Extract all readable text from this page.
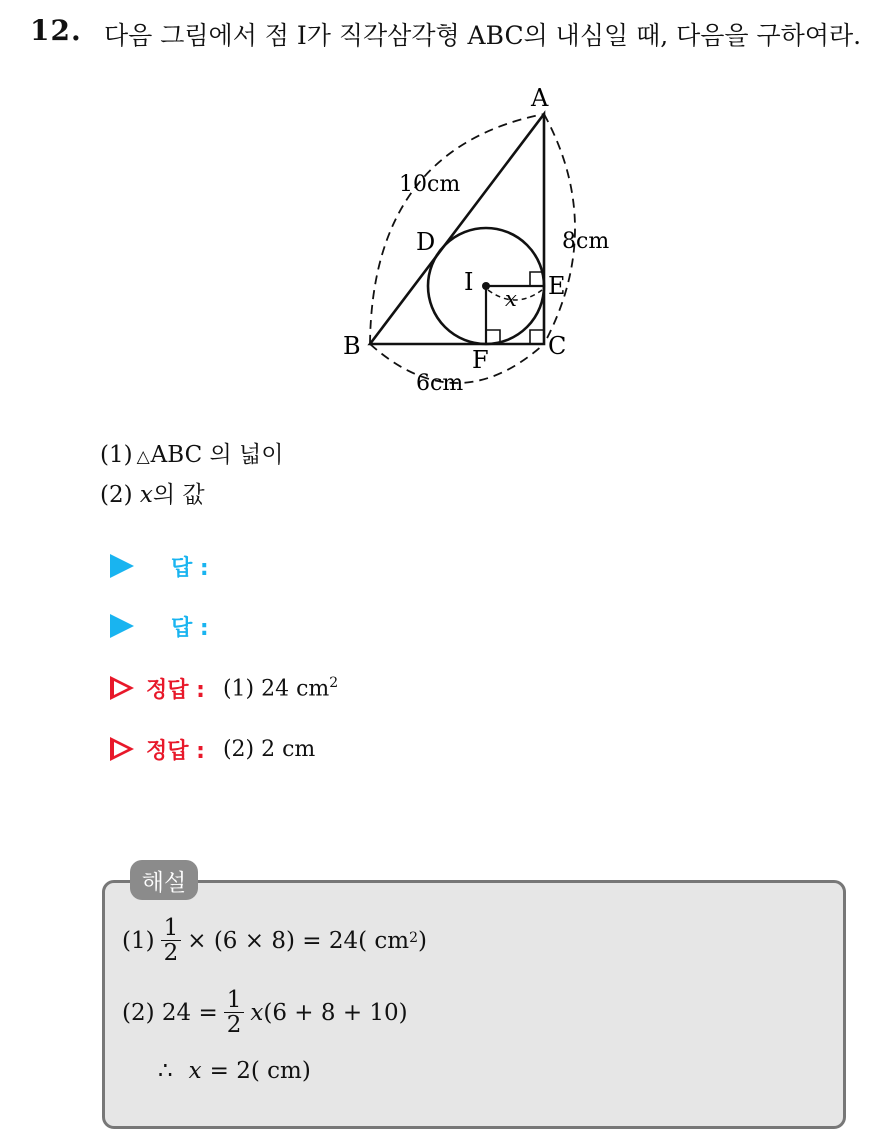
12. 다음 그림에서 점 I가 직각삼각형 ABC의 내심일 때, 다음을 구하여라.
A
B	C
D
E
F
I
x
10cm
8cm
6cm
(1) △ABC 의 넓이
(2) x의 값
답 :
답 :
정답 : (1) 24 $cm^2$
정답 : (2) 2 cm
해설
$(1) \frac{1}{2} \times (6 \times 8) = 24$( cm 2 )
(2) $24 = \frac{1}{2}$ x (6 + 8 + 10)
∴ x = 2( cm)
